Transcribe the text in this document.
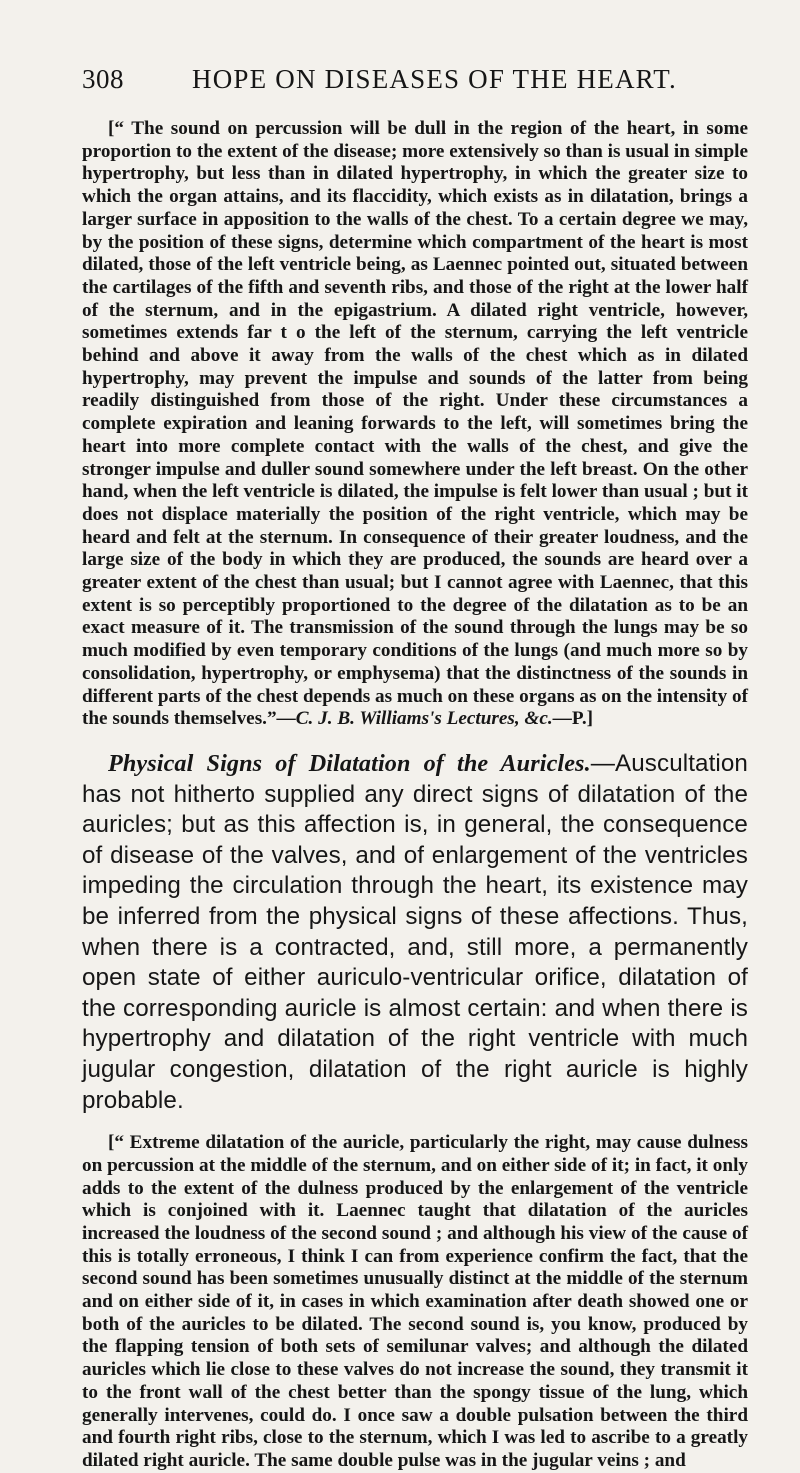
308	HOPE ON DISEASES OF THE HEART.

[“ The sound on percussion will be dull in the region of the heart, in some proportion to the extent of the disease; more extensively so than is usual in simple hypertrophy, but less than in dilated hypertrophy, in which the greater size to which the organ attains, and its flaccidity, which exists as in dilatation, brings a larger surface in apposition to the walls of the chest. To a certain degree we may, by the position of these signs, determine which compartment of the heart is most dilated, those of the left ventricle being, as Laennec pointed out, situated between the cartilages of the fifth and seventh ribs, and those of the right at the lower half of the sternum, and in the epigastrium. A dilated right ventricle, however, sometimes extends far t o the left of the sternum, carrying the left ventricle behind and above it away from the walls of the chest which as in dilated hypertrophy, may prevent the impulse and sounds of the latter from being readily distinguished from those of the right. Under these circumstances a complete expiration and leaning forwards to the left, will sometimes bring the heart into more complete contact with the walls of the chest, and give the stronger impulse and duller sound somewhere under the left breast. On the other hand, when the left ventricle is dilated, the impulse is felt lower than usual ; but it does not displace materially the position of the right ventricle, which may be heard and felt at the sternum. In consequence of their greater loudness, and the large size of the body in which they are produced, the sounds are heard over a greater extent of the chest than usual; but I cannot agree with Laennec, that this extent is so perceptibly proportioned to the degree of the dilatation as to be an exact measure of it. The transmission of the sound through the lungs may be so much modified by even temporary conditions of the lungs (and much more so by consolidation, hypertrophy, or emphysema) that the distinctness of the sounds in different parts of the chest depends as much on these organs as on the intensity of the sounds themselves.”—C. J. B. Williams's Lectures, &c.—P.]

Physical Signs of Dilatation of the Auricles.—Auscultation has not hitherto supplied any direct signs of dilatation of the auricles; but as this affection is, in general, the consequence of disease of the valves, and of enlargement of the ventricles impeding the circulation through the heart, its existence may be inferred from the physical signs of these affections. Thus, when there is a contracted, and, still more, a permanently open state of either auriculo-ventricular orifice, dilatation of the corresponding auricle is almost certain: and when there is hypertrophy and dilatation of the right ventricle with much jugular congestion, dilatation of the right auricle is highly probable.

[“ Extreme dilatation of the auricle, particularly the right, may cause dulness on percussion at the middle of the sternum, and on either side of it; in fact, it only adds to the extent of the dulness produced by the enlargement of the ventricle which is conjoined with it. Laennec taught that dilatation of the auricles increased the loudness of the second sound ; and although his view of the cause of this is totally erroneous, I think I can from experience confirm the fact, that the second sound has been sometimes unusually distinct at the middle of the sternum and on either side of it, in cases in which examination after death showed one or both of the auricles to be dilated. The second sound is, you know, produced by the flapping tension of both sets of semilunar valves; and although the dilated auricles which lie close to these valves do not increase the sound, they transmit it to the front wall of the chest better than the spongy tissue of the lung, which generally intervenes, could do. I once saw a double pulsation between the third and fourth right ribs, close to the sternum, which I was led to ascribe to a greatly dilated right auricle. The same double pulse was in the jugular veins ; and
